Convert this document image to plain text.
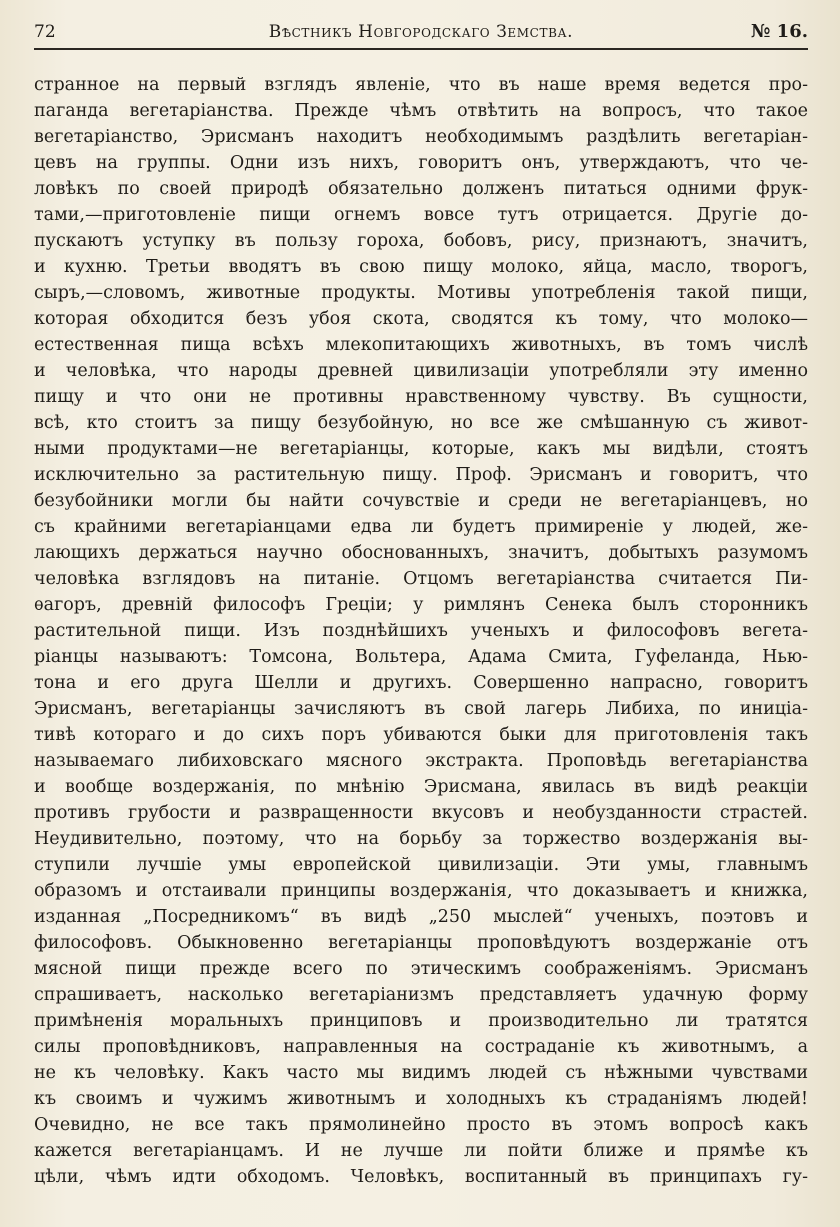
72	Вѣстникъ Новгородскаго Земства.	№ 16.
странное на первый взглядъ явленіе, что въ наше время ведется про-
паганда вегетаріанства. Прежде чѣмъ отвѣтить на вопросъ, что такое
вегетаріанство, Эрисманъ находитъ необходимымъ раздѣлить вегетаріан-
цевъ на группы. Одни изъ нихъ, говоритъ онъ, утверждаютъ, что че-
ловѣкъ по своей природѣ обязательно долженъ питаться одними фрук-
тами,—приготовленіе пищи огнемъ вовсе тутъ отрицается. Другіе до-
пускаютъ уступку въ пользу гороха, бобовъ, рису, признаютъ, значитъ,
и кухню. Третьи вводятъ въ свою пищу молоко, яйца, масло, творогъ,
сыръ,—словомъ, животные продукты. Мотивы употребленія такой пищи,
которая обходится безъ убоя скота, сводятся къ тому, что молоко—
естественная пища всѣхъ млекопитающихъ животныхъ, въ томъ числѣ
и человѣка, что народы древней цивилизаціи употребляли эту именно
пищу и что они не противны нравственному чувству. Въ сущности,
всѣ, кто стоитъ за пищу безубойную, но все же смѣшанную съ живот-
ными продуктами—не вегетаріанцы, которые, какъ мы видѣли, стоятъ
исключительно за растительную пищу. Проф. Эрисманъ и говоритъ, что
безубойники могли бы найти сочувствіе и среди не вегетаріанцевъ, но
съ крайними вегетаріанцами едва ли будетъ примиреніе у людей, же-
лающихъ держаться научно обоснованныхъ, значитъ, добытыхъ разумомъ
человѣка взглядовъ на питаніе. Отцомъ вегетаріанства считается Пи-
ѳагоръ, древній философъ Греціи; у римлянъ Сенека былъ сторонникъ
растительной пищи. Изъ позднѣйшихъ ученыхъ и философовъ вегета-
ріанцы называютъ: Томсона, Вольтера, Адама Смита, Гуфеланда, Нью-
тона и его друга Шелли и другихъ. Совершенно напрасно, говоритъ
Эрисманъ, вегетаріанцы зачисляютъ въ свой лагерь Либиха, по иниціа-
тивѣ котораго и до сихъ поръ убиваются быки для приготовленія такъ
называемаго либиховскаго мясного экстракта. Проповѣдь вегетаріанства
и вообще воздержанія, по мнѣнію Эрисмана, явилась въ видѣ реакціи
противъ грубости и развращенности вкусовъ и необузданности страстей.
Неудивительно, поэтому, что на борьбу за торжество воздержанія вы-
ступили лучшіе умы европейской цивилизаціи. Эти умы, главнымъ
образомъ и отстаивали принципы воздержанія, что доказываетъ и книжка,
изданная „Посредникомъ“ въ видѣ „250 мыслей“ ученыхъ, поэтовъ и
философовъ. Обыкновенно вегетаріанцы проповѣдуютъ воздержаніе отъ
мясной пищи прежде всего по этическимъ соображеніямъ. Эрисманъ
спрашиваетъ, насколько вегетаріанизмъ представляетъ удачную форму
примѣненія моральныхъ принциповъ и производительно ли тратятся
силы проповѣдниковъ, направленныя на состраданіе къ животнымъ, а
не къ человѣку. Какъ часто мы видимъ людей съ нѣжными чувствами
къ своимъ и чужимъ животнымъ и холодныхъ къ страданіямъ людей!
Очевидно, не все такъ прямолинейно просто въ этомъ вопросѣ какъ
кажется вегетаріанцамъ. И не лучше ли пойти ближе и прямѣе къ
цѣли, чѣмъ идти обходомъ. Человѣкъ, воспитанный въ принципахъ гу-
